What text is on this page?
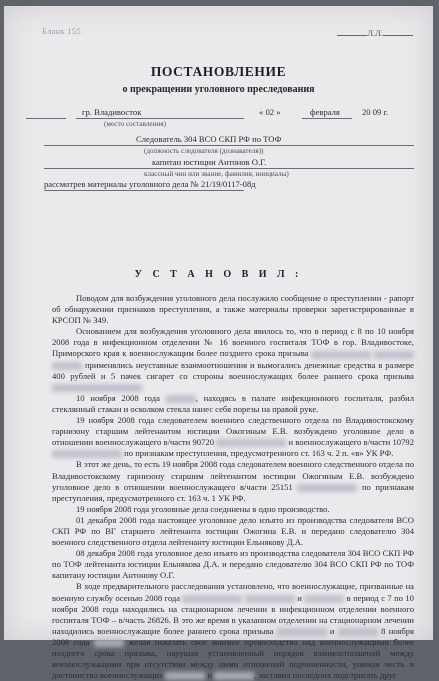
Бланк 155	Л.Л.
ПОСТАНОВЛЕНИЕ
о прекращении уголовного преследования
гр. Владивосток
(место составления)
« 02 »	февраля	20 09 г.
Следователь 304 ВСО СКП РФ по ТОФ
(должность следователя (дознавателя))
капитан юстиции Антонов О.Г.
классный чин или звание, фамилия, инициалы)
рассмотрев материалы уголовного дела № 21/19/0117-08д
У С Т А Н О В И Л :

Поводом для возбуждения уголовного дела послужило сообщение о преступлении - рапорт об обнаружении признаков преступления, а также материалы проверки зарегистрированные в КРСОП № 349.

Основанием для возбуждения уголовного дела явилось то, что в период с 8 по 10 ноября 2008 года в инфекционном отделении № 16 военного госпиталя ТОФ в гор. Владивостоке, Приморского края к военнослужащим более позднего срока призыва    применялись неуставные взаимоотношения и вымогались денежные средства в размере 400 рублей и 5 пачек сигарет со стороны военнослужащих более раннего срока призыва

10 ноября 2008 года	, находясь в палате инфекционного госпиталя, разбил стеклянный стакан и осколком стекла нанес себя порезы на правой руке.

19 ноября 2008 года следователем военного следственного отдела по Владивостокскому гарнизону старшим лейтенантом юстиции Ожогиным Е.В. возбуждено уголовное дело в отношении военнослужащего в/части 90720	и военнослужащего в/части 10792  по признакам преступления, предусмотренного ст. 163 ч. 2 п. «в» УК РФ.

В этот же день, то есть 19 ноября 2008 года следователем военного следственного отдела по Владивостокскому гарнизону старшим лейтенантом юстиции Ожогиным Е.В. возбуждено уголовное дело в отношении военнослужащего в/части 25151	по признакам преступления, предусмотренного ст. 163 ч. 1 УК РФ.

19 ноября 2008 года уголовные дела соединены в одно производство.

01 декабря 2008 года настоящее уголовное дело изъято из производства следователя ВСО СКП РФ по ВГ старшего лейтенанта юстиции Ожогина Е.В. и передано следователю 304 военного следственного отдела лейтенанту юстиции Ельнякову Д.А.

08 декабря 2008 года уголовное дело изъято из производства следователя 304 ВСО СКП РФ по ТОФ лейтенанта юстиции Ельнякова Д.А. и передано следователю 304 ВСО СКП РФ по ТОФ капитану юстиции Антонову О.Г.

В ходе предварительного расследования установлено, что военнослужащие, призванные на военную службу осенью 2008 года	и	в период с 7 по 10 ноября 2008 года находились на стационарном лечении в инфекционном отделении военного госпиталя ТОФ – в/часть 26826. В это же время в указанном отделении на стационарном лечении находились военнослужащие более раннего срока призыва	и	8 ноября 2008 года	желая показать свое мнимое превосходство над военнослужащими более позднего срока призыва, нарушая установленный порядок взаимоотношений между военнослужащими при отсутствии между ними отношений подчиненности, унижая честь и достоинство военнослужащих	и	, заставил последних подстригать друг
